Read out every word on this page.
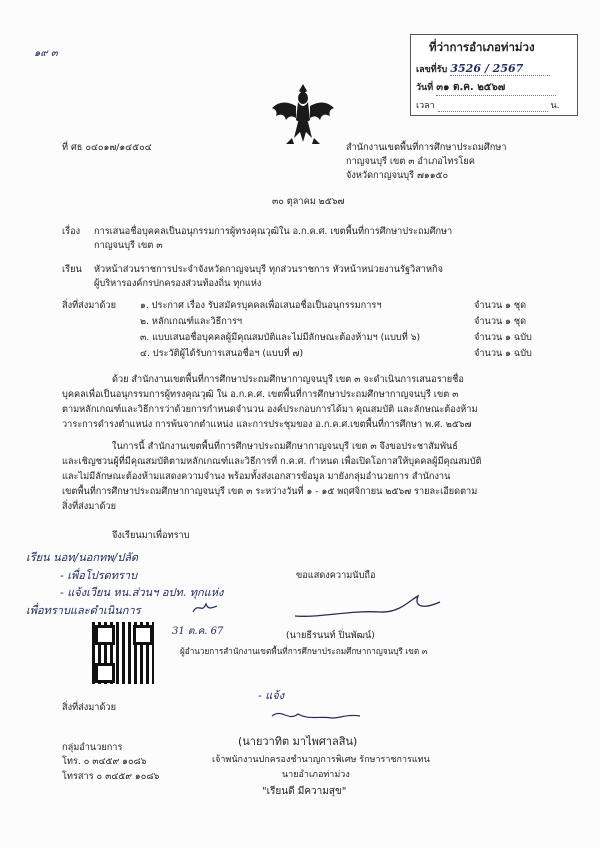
๑๙ ๓	ที่ว่าการอำเภอท่าม่วง
เลขที่รับ 3526 / 2567
วันที่ ๓๑ ต.ค. ๒๕๖๗
เวลา	น.
ที่ ศธ ๐๔๐๑๗/๑๔๕๐๔	สำนักงานเขตพื้นที่การศึกษาประถมศึกษา
กาญจนบุรี เขต ๓ อำเภอไทรโยค
จังหวัดกาญจนบุรี ๗๑๑๕๐
๓๐ ตุลาคม ๒๕๖๗
เรื่อง การเสนอชื่อบุคคลเป็นอนุกรรมการผู้ทรงคุณวุฒิใน อ.ก.ค.ศ. เขตพื้นที่การศึกษาประถมศึกษา
กาญจนบุรี เขต ๓
เรียน หัวหน้าส่วนราชการประจำจังหวัดกาญจนบุรี ทุกส่วนราชการ หัวหน้าหน่วยงานรัฐวิสาหกิจ
ผู้บริหารองค์กรปกครองส่วนท้องถิ่น ทุกแห่ง
สิ่งที่ส่งมาด้วย	๑. ประกาศ เรื่อง รับสมัครบุคคลเพื่อเสนอชื่อเป็นอนุกรรมการฯ	จำนวน ๑ ชุด
๒. หลักเกณฑ์และวิธีการฯ	จำนวน ๑ ชุด
๓. แบบเสนอชื่อบุคคลผู้มีคุณสมบัติและไม่มีลักษณะต้องห้ามฯ (แบบที่ ๖)	จำนวน ๑ ฉบับ
๔. ประวัติผู้ได้รับการเสนอชื่อฯ (แบบที่ ๗)	จำนวน ๑ ฉบับ
ด้วย สำนักงานเขตพื้นที่การศึกษาประถมศึกษากาญจนบุรี เขต ๓ จะดำเนินการเสนอรายชื่อ
บุคคลเพื่อเป็นอนุกรรมการผู้ทรงคุณวุฒิ ใน อ.ก.ค.ศ. เขตพื้นที่การศึกษาประถมศึกษากาญจนบุรี เขต ๓
ตามหลักเกณฑ์และวิธีการว่าด้วยการกำหนดจำนวน องค์ประกอบการได้มา คุณสมบัติ และลักษณะต้องห้าม
วาระการดำรงตำแหน่ง การพ้นจากตำแหน่ง และการประชุมของ อ.ก.ค.ศ.เขตพื้นที่การศึกษา พ.ศ. ๒๕๖๗
ในการนี้ สำนักงานเขตพื้นที่การศึกษาประถมศึกษากาญจนบุรี เขต ๓ จึงขอประชาสัมพันธ์
และเชิญชวนผู้ที่มีคุณสมบัติตามหลักเกณฑ์และวิธีการที่ ก.ค.ศ. กำหนด เพื่อเปิดโอกาสให้บุคคลผู้มีคุณสมบัติ
และไม่มีลักษณะต้องห้ามแสดงความจำนง พร้อมทั้งส่งเอกสารข้อมูล มายังกลุ่มอำนวยการ สำนักงาน
เขตพื้นที่การศึกษาประถมศึกษากาญจนบุรี เขต ๓ ระหว่างวันที่ ๑ - ๑๕ พฤศจิกายน ๒๕๖๗ รายละเอียดตาม
สิ่งที่ส่งมาด้วย
จึงเรียนมาเพื่อทราบ
ขอแสดงความนับถือ
(นายธีรนนท์ ปิ่นพัฒน์)
ผู้อำนวยการสำนักงานเขตพื้นที่การศึกษาประถมศึกษากาญจนบุรี เขต ๓
เรียน นอท/นอกทพ/ปลัด
- เพื่อโปรดทราบ
- แจ้งเวียน หน.ส่วนฯ อปท. ทุกแห่ง
เพื่อทราบและดำเนินการ
31 ต.ค. 67
สิ่งที่ส่งมาด้วย
- แจ้ง
(นายวาทิต มาไพศาลสิน)
เจ้าพนักงานปกครองชำนาญการพิเศษ รักษาราชการแทน
นายอำเภอท่าม่วง
กลุ่มอำนวยการ
โทร. ๐ ๓๔๕๙ ๑๐๘๖
โทรสาร ๐ ๓๔๕๙ ๑๐๘๖
"เรียนดี มีความสุข"
